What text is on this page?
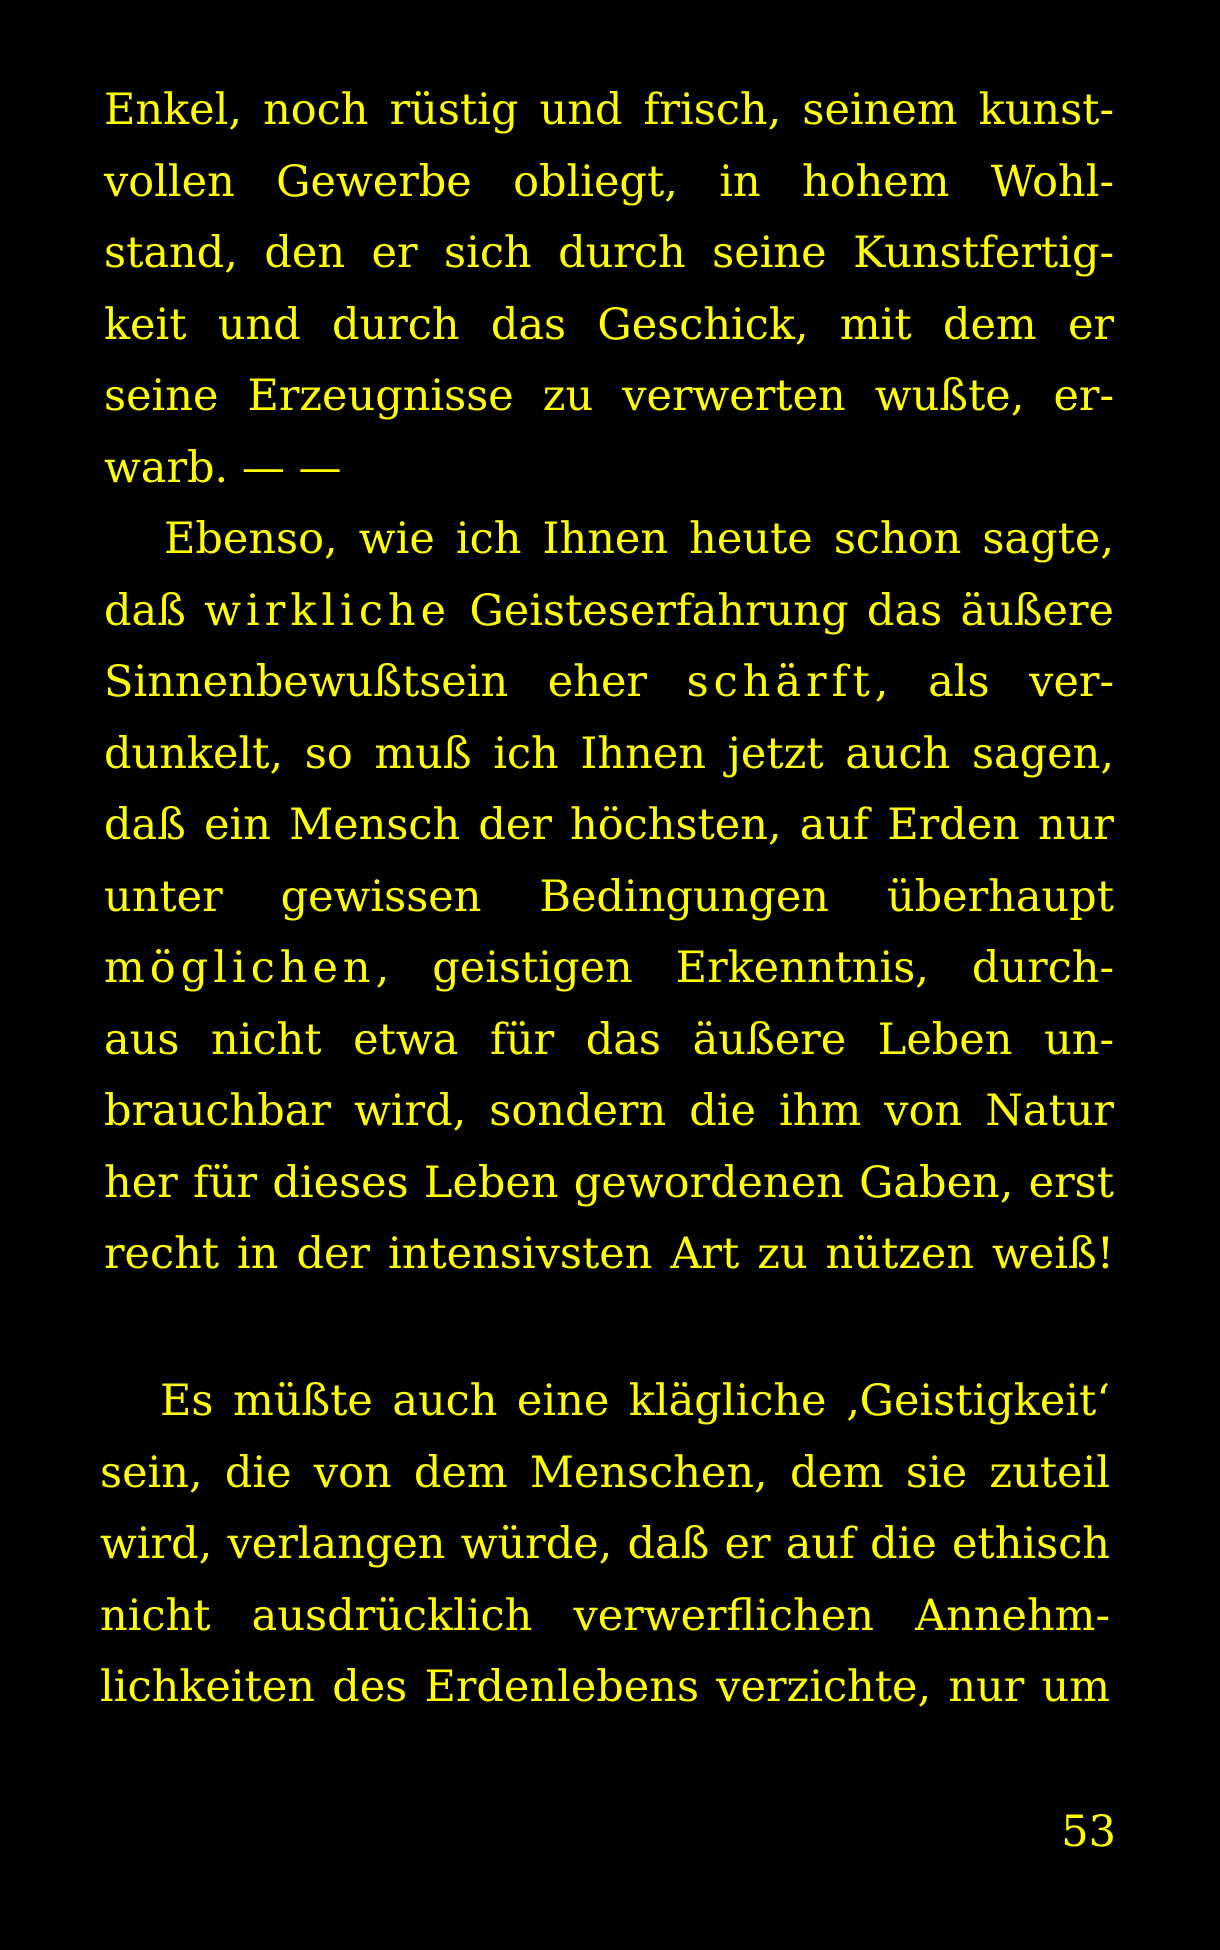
Enkel, noch rüstig und frisch, seinem kunst-

vollen Gewerbe obliegt, in hohem Wohl-

stand, den er sich durch seine Kunstfertig-

keit und durch das Geschick, mit dem er

seine Erzeugnisse zu verwerten wußte, er-

warb. — —

Ebenso, wie ich Ihnen heute schon sagte,

daß wirkliche Geisteserfahrung das äußere

Sinnenbewußtsein eher schärft, als ver-

dunkelt, so muß ich Ihnen jetzt auch sagen,

daß ein Mensch der höchsten, auf Erden nur

unter gewissen Bedingungen überhaupt

möglichen, geistigen Erkenntnis, durch-

aus nicht etwa für das äußere Leben un-

brauchbar wird, sondern die ihm von Natur

her für dieses Leben gewordenen Gaben, erst

recht in der intensivsten Art zu nützen weiß!

Es müßte auch eine klägliche ‚Geistigkeit‘

sein, die von dem Menschen, dem sie zuteil

wird, verlangen würde, daß er auf die ethisch

nicht ausdrücklich verwerflichen Annehm-

lichkeiten des Erdenlebens verzichte, nur um

53
